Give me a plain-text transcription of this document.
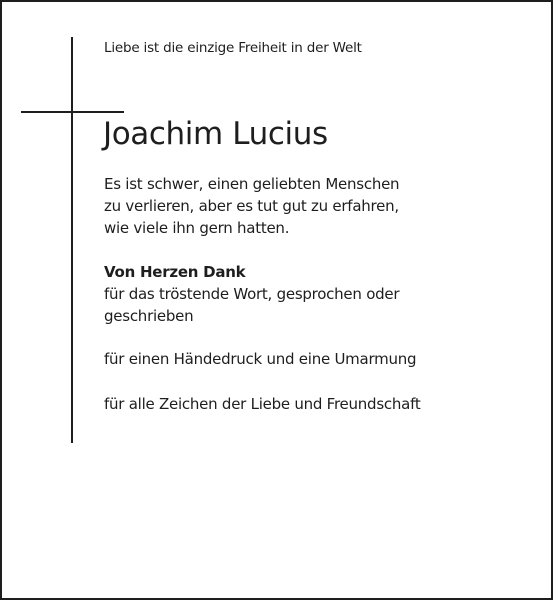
Liebe ist die einzige Freiheit in der Welt
Joachim Lucius

Es ist schwer, einen geliebten Menschen

zu verlieren, aber es tut gut zu erfahren,

wie viele ihn gern hatten.

Von Herzen Dank

für das tröstende Wort, gesprochen oder

geschrieben

für einen Händedruck und eine Umarmung

für alle Zeichen der Liebe und Freundschaft
